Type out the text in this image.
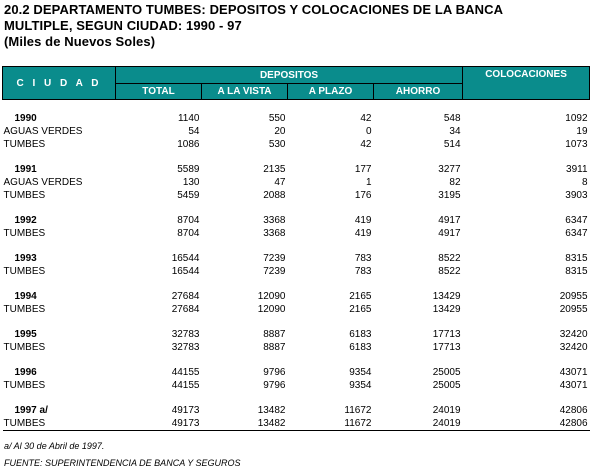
20.2 DEPARTAMENTO TUMBES: DEPOSITOS Y COLOCACIONES DE LA BANCA
MULTIPLE, SEGUN CIUDAD: 1990 - 97
(Miles de Nuevos Soles)
C I U D A D	DEPOSITOS				COLOCACIONES
	TOTAL	A LA VISTA	A PLAZO	AHORRO	

1990	1140	550	42	548	1092
AGUAS VERDES	54	20	0	34	19
TUMBES	1086	530	42	514	1073

1991	5589	2135	177	3277	3911
AGUAS VERDES	130	47	1	82	8
TUMBES	5459	2088	176	3195	3903

1992	8704	3368	419	4917	6347
TUMBES	8704	3368	419	4917	6347

1993	16544	7239	783	8522	8315
TUMBES	16544	7239	783	8522	8315

1994	27684	12090	2165	13429	20955
TUMBES	27684	12090	2165	13429	20955

1995	32783	8887	6183	17713	32420
TUMBES	32783	8887	6183	17713	32420

1996	44155	9796	9354	25005	43071
TUMBES	44155	9796	9354	25005	43071

1997 a/	49173	13482	11672	24019	42806
TUMBES	49173	13482	11672	24019	42806
a/ Al 30 de Abril de 1997.
FUENTE: SUPERINTENDENCIA DE BANCA Y SEGUROS
